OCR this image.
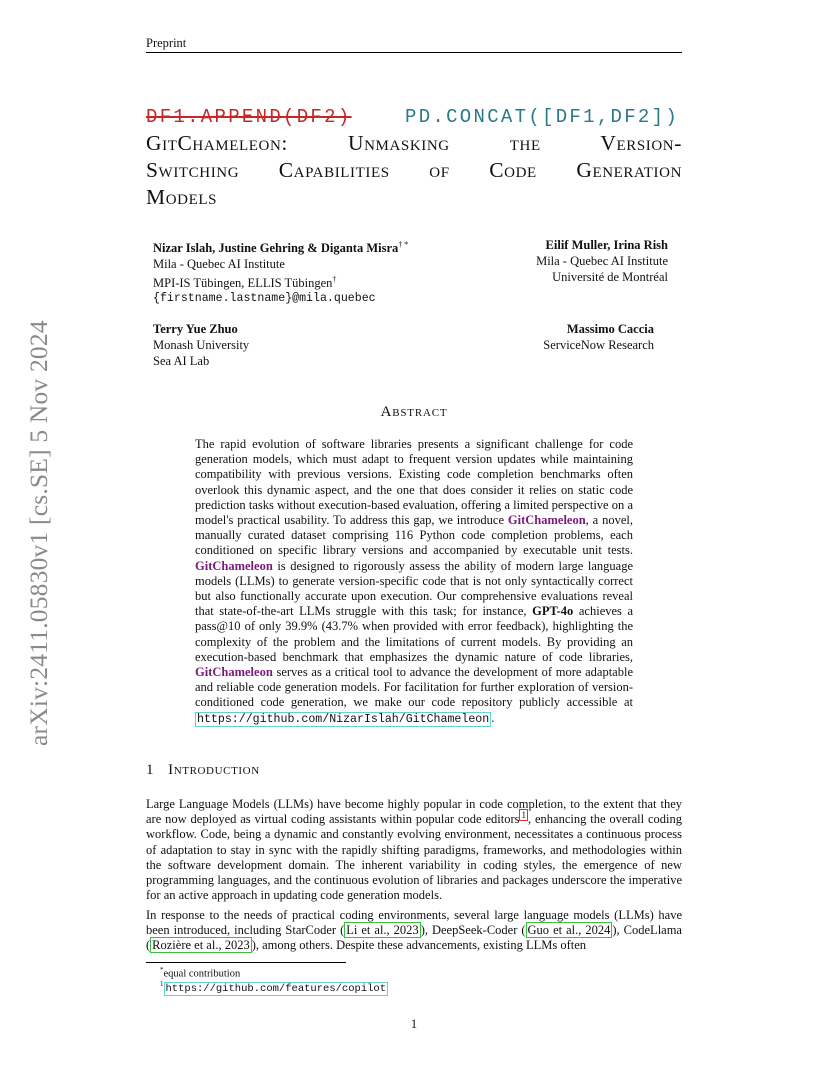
Preprint
arXiv:2411.05830v1 [cs.SE] 5 Nov 2024
DF1.APPEND(DF2)	PD.CONCAT([DF1,DF2])
GitChameleon: Unmasking the Version-
Switching Capabilities of Code Generation
Models
Nizar Islah, Justine Gehring & Diganta Misra† *
Mila - Quebec AI Institute
MPI-IS Tübingen, ELLIS Tübingen†
{firstname.lastname}@mila.quebec
Eilif Muller, Irina Rish
Mila - Quebec AI Institute
Université de Montréal
Terry Yue Zhuo
Monash University
Sea AI Lab
Massimo Caccia
ServiceNow Research
Abstract
The rapid evolution of software libraries presents a significant challenge for code generation models, which must adapt to frequent version updates while maintaining compatibility with previous versions. Existing code completion benchmarks often overlook this dynamic aspect, and the one that does consider it relies on static code prediction tasks without execution-based evaluation, offering a limited perspective on a model's practical usability. To address this gap, we introduce GitChameleon, a novel, manually curated dataset comprising 116 Python code completion problems, each conditioned on specific library versions and accompanied by executable unit tests. GitChameleon is designed to rigorously assess the ability of modern large language models (LLMs) to generate version-specific code that is not only syntactically correct but also functionally accurate upon execution. Our comprehensive evaluations reveal that state-of-the-art LLMs struggle with this task; for instance, GPT-4o achieves a pass@10 of only 39.9% (43.7% when provided with error feedback), highlighting the complexity of the problem and the limitations of current models. By providing an execution-based benchmark that emphasizes the dynamic nature of code libraries, GitChameleon serves as a critical tool to advance the development of more adaptable and reliable code generation models. For facilitation for further exploration of version-conditioned code generation, we make our code repository publicly accessible at https://github.com/NizarIslah/GitChameleon .
1 Introduction
Large Language Models (LLMs) have become highly popular in code completion, to the extent that they are now deployed as virtual coding assistants within popular code editors $^1$ , enhancing the overall coding workflow. Code, being a dynamic and constantly evolving environment, necessitates a continuous process of adaptation to stay in sync with the rapidly shifting paradigms, frameworks, and methodologies within the software development domain. The inherent variability in coding styles, the emergence of new programming languages, and the continuous evolution of libraries and packages underscore the imperative for an active approach in updating code generation models.
In response to the needs of practical coding environments, several large language models (LLMs) have been introduced, including StarCoder ( Li et al., 2023 ), DeepSeek-Coder ( Guo et al., 2024 ), CodeLlama ( Rozière et al., 2023 ), among others. Despite these advancements, existing LLMs often
*equal contribution
$^1$ https://github.com/features/copilot
1
